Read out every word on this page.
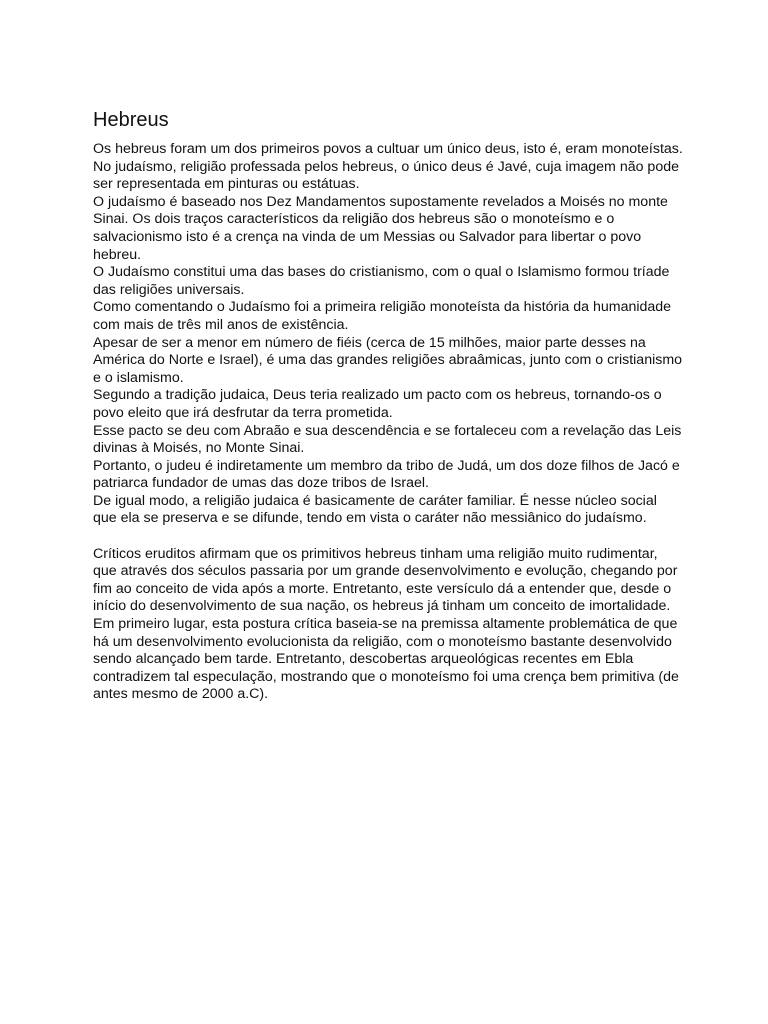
Hebreus

Os hebreus foram um dos primeiros povos a cultuar um único deus, isto é, eram monoteístas. No judaísmo, religião professada pelos hebreus, o único deus é Javé, cuja imagem não pode ser representada em pinturas ou estátuas.

O judaísmo é baseado nos Dez Mandamentos supostamente revelados a Moisés no monte Sinai. Os dois traços característicos da religião dos hebreus são o monoteísmo e o salvacionismo isto é a crença na vinda de um Messias ou Salvador para libertar o povo hebreu.

O Judaísmo constitui uma das bases do cristianismo, com o qual o Islamismo formou tríade das religiões universais.

Como comentando o Judaísmo foi a primeira religião monoteísta da história da humanidade com mais de três mil anos de existência.

Apesar de ser a menor em número de fiéis (cerca de 15 milhões, maior parte desses na América do Norte e Israel), é uma das grandes religiões abraâmicas, junto com o cristianismo e o islamismo.

Segundo a tradição judaica, Deus teria realizado um pacto com os hebreus, tornando-os o povo eleito que irá desfrutar da terra prometida.

Esse pacto se deu com Abraão e sua descendência e se fortaleceu com a revelação das Leis divinas à Moisés, no Monte Sinai.

Portanto, o judeu é indiretamente um membro da tribo de Judá, um dos doze filhos de Jacó e patriarca fundador de umas das doze tribos de Israel.

De igual modo, a religião judaica é basicamente de caráter familiar. É nesse núcleo social que ela se preserva e se difunde, tendo em vista o caráter não messiânico do judaísmo.

Críticos eruditos afirmam que os primitivos hebreus tinham uma religião muito rudimentar, que através dos séculos passaria por um grande desenvolvimento e evolução, chegando por fim ao conceito de vida após a morte. Entretanto, este versículo dá a entender que, desde o início do desenvolvimento de sua nação, os hebreus já tinham um conceito de imortalidade.

Em primeiro lugar, esta postura crítica baseia-se na premissa altamente problemática de que há um desenvolvimento evolucionista da religião, com o monoteísmo bastante desenvolvido sendo alcançado bem tarde. Entretanto, descobertas arqueológicas recentes em Ebla contradizem tal especulação, mostrando que o monoteísmo foi uma crença bem primitiva (de antes mesmo de 2000 a.C).
